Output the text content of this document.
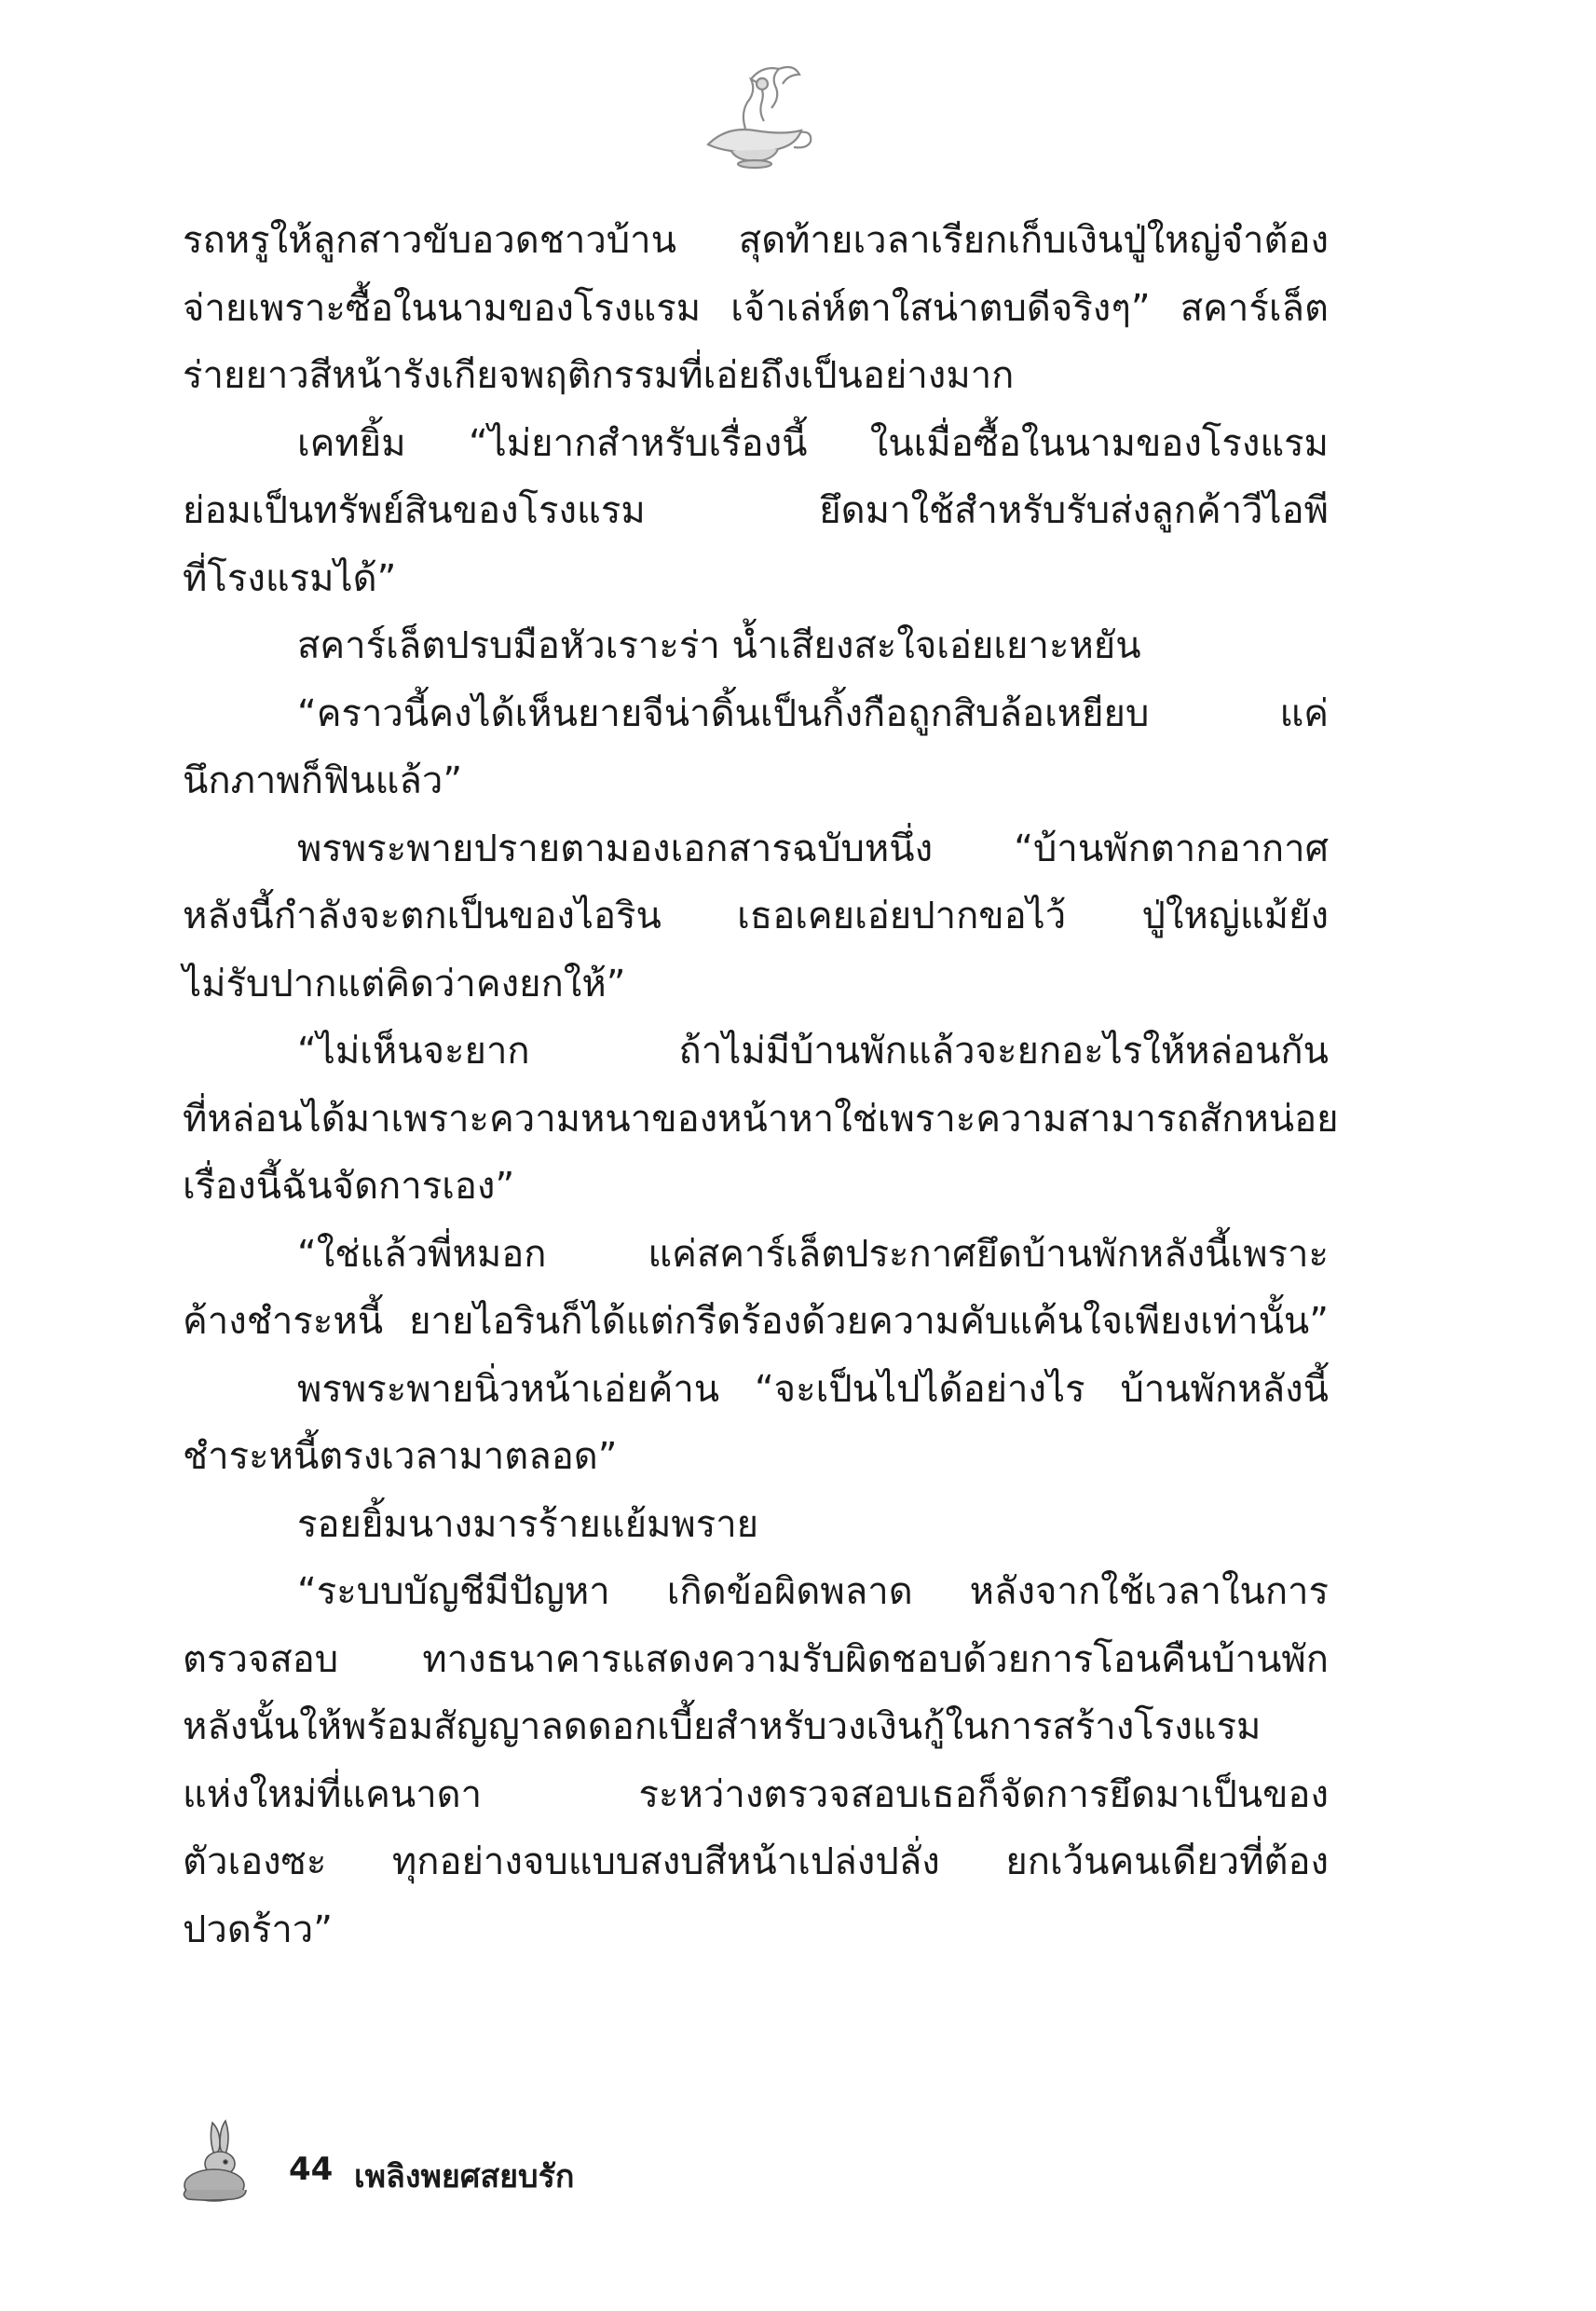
รถหรูให้ลูกสาวขับอวดชาวบ้าน สุดท้ายเวลาเรียกเก็บเงินปู่ใหญ่จำต้อง
จ่ายเพราะซื้อในนามของโรงแรม เจ้าเล่ห์ตาใสน่าตบดีจริงๆ” สคาร์เล็ต
ร่ายยาวสีหน้ารังเกียจพฤติกรรมที่เอ่ยถึงเป็นอย่างมาก
เคทยิ้ม “ไม่ยากสำหรับเรื่องนี้ ในเมื่อซื้อในนามของโรงแรม
ย่อมเป็นทรัพย์สินของโรงแรม ยึดมาใช้สำหรับรับส่งลูกค้าวีไอพี
ที่โรงแรมได้”
สคาร์เล็ตปรบมือหัวเราะร่า น้ำเสียงสะใจเอ่ยเยาะหยัน
“คราวนี้คงได้เห็นยายจีน่าดิ้นเป็นกิ้งกือถูกสิบล้อเหยียบ แค่
นึกภาพก็ฟินแล้ว”
พรพระพายปรายตามองเอกสารฉบับหนึ่ง “บ้านพักตากอากาศ
หลังนี้กำลังจะตกเป็นของไอริน เธอเคยเอ่ยปากขอไว้ ปู่ใหญ่แม้ยัง
ไม่รับปากแต่คิดว่าคงยกให้”
“ไม่เห็นจะยาก ถ้าไม่มีบ้านพักแล้วจะยกอะไรให้หล่อนกัน
ที่หล่อนได้มาเพราะความหนาของหน้าหาใช่เพราะความสามารถสักหน่อย
เรื่องนี้ฉันจัดการเอง”
“ใช่แล้วพี่หมอก แค่สคาร์เล็ตประกาศยึดบ้านพักหลังนี้เพราะ
ค้างชำระหนี้ ยายไอรินก็ได้แต่กรีดร้องด้วยความคับแค้นใจเพียงเท่านั้น”
พรพระพายนิ่วหน้าเอ่ยค้าน “จะเป็นไปได้อย่างไร บ้านพักหลังนี้
ชำระหนี้ตรงเวลามาตลอด”
รอยยิ้มนางมารร้ายแย้มพราย
“ระบบบัญชีมีปัญหา เกิดข้อผิดพลาด หลังจากใช้เวลาในการ
ตรวจสอบ ทางธนาคารแสดงความรับผิดชอบด้วยการโอนคืนบ้านพัก
หลังนั้นให้พร้อมสัญญาลดดอกเบี้ยสำหรับวงเงินกู้ในการสร้างโรงแรม
แห่งใหม่ที่แคนาดา ระหว่างตรวจสอบเธอก็จัดการยึดมาเป็นของ
ตัวเองซะ ทุกอย่างจบแบบสงบสีหน้าเปล่งปลั่ง ยกเว้นคนเดียวที่ต้อง
ปวดร้าว”
44 เพลิงพยศสยบรัก
